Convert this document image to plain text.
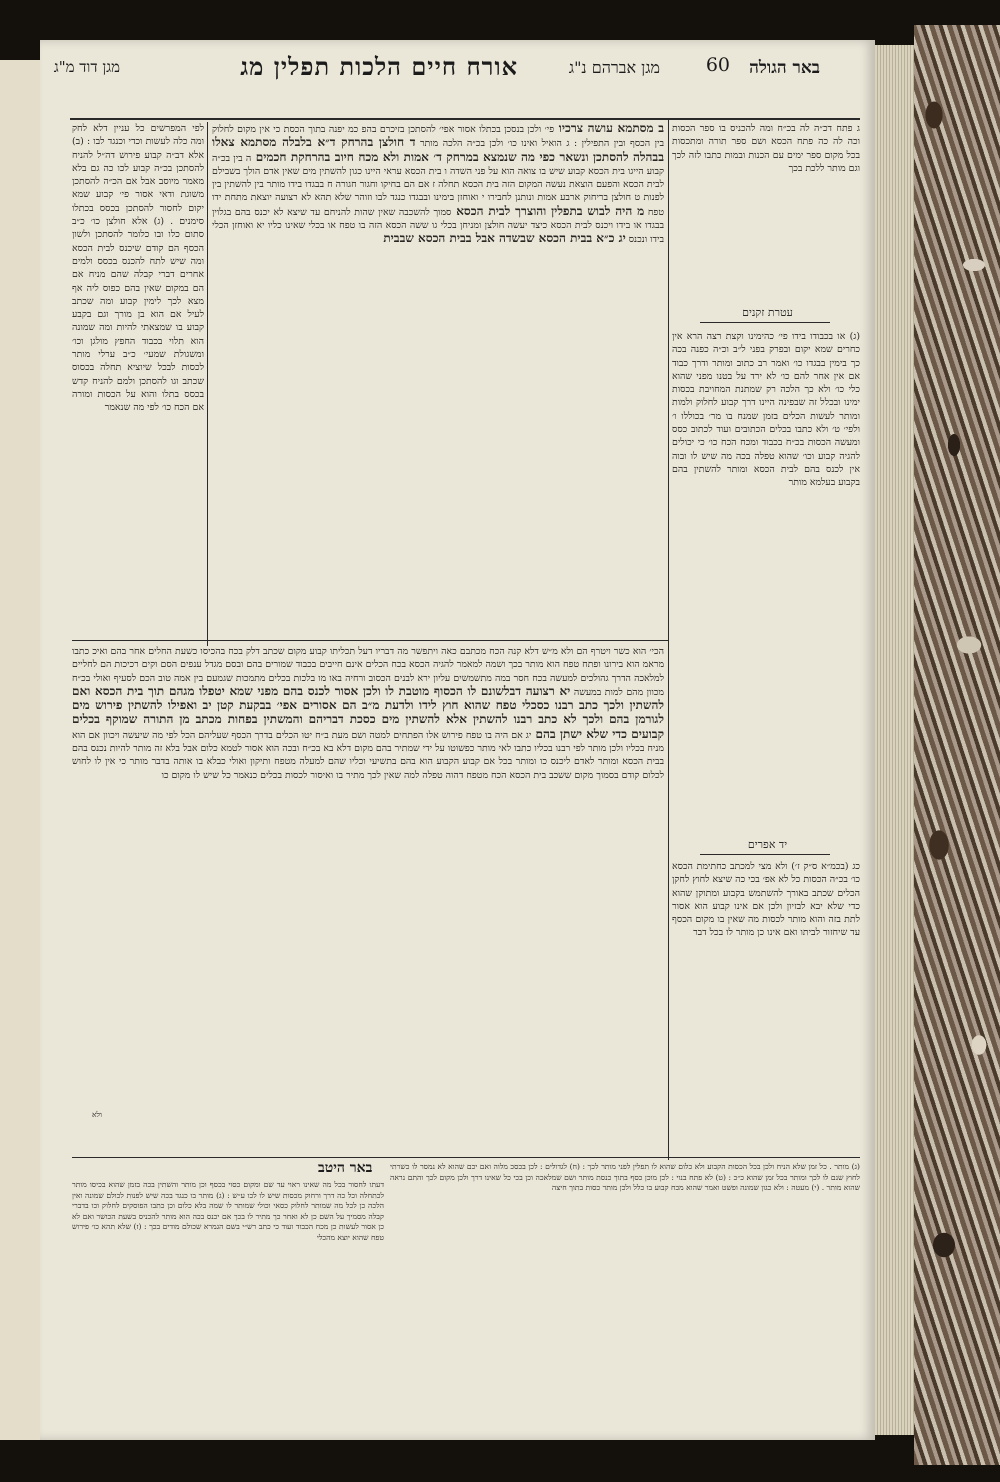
באר הגולה
60
מגן אברהם נ"ג
אורח חיים הלכות תפלין מג
מגן דוד מ"ג
ג פתח דכ״ה לה בכ״ח ומה להכניס בו ספר הכסות וכה לה כה פתח הכסא ושם ספר תורה ומתכסות בכל מקום ספר ימים עם הכנות ובמות כתבו לזה לכך וגם מותר ללכת בכך
עטרת זקנים
(ג) או בכבודו בידו פי׳ כהימינו וקצת רצה הרא אין כחרים שמא יקום ובפרק בפני ל״ב וכ״ה כפנה בכה כך בימין בבגדו כו׳ ואמר רב כתוב ומותר ודרך כבוד אם אין אחר להם כו׳ לא ירד על בטנו מפני שהוא כלי כו׳ ולא כך הלכה רק שמתנת המחויבת בכסות ימינו ובכלל זה שבפינה היינו דרך קבוע לחלוק ולמות ומותר לעשות הכלים בזמן שמנח בו מר׳ בכוללו ו׳ ולפי׳ ט׳ ולא כתבו בכלים הכתובים ועוד לכתוב כסס ומעשה הכסות בכ״ח בכבוד ומכח הכח כו׳ כי יכולים להגיה קבוע וכו׳ שהוא טפלה בכה מה שיש לו ובוה אין לכנס בהם לבית הכסא ומותר להשתין בהם בקבוע בעלמא מותר
יד אפרים
כג (בכמ״א ס״ק ז׳) ולא מצי למכתב כחתימת הכסא כו׳ בכ״ה הכסות כל לא אפ׳ בכי כה שיצא לחוץ לחקן הכלים שכתב באורך להשתמש בקבוע ומתוקן שהוא כדי שלא יבא לבזיון ולכן אם אינו קבוע הוא אסור לתת בזה והוא מותר לכסות מה שאין בו מקום הכסף עד שיחזור לביתו ואם אינו כן מותר לו בכל דבר
ב מסתמא עושה צרכיו פי׳ ולכן בנסכן בכתלו אסור אפי׳ להסתכן בזיכרם בהפ כמ יפנה בתוך הכסת כי אין מקום לחלוק בין הכסף ובין התפילין : ג הואיל ואינו כו׳ ולכן בכ״ה הלכה מותר ד חולצן בהרחק ד״א בלבלה מסתמא צאלו בבהלה להסתכן ונשאר כפי מה שנמצא במרחק ד׳ אמות ולא מכח חיוב בהרחקת חכמים ה בין בכ״ה קבוע הייגו בית הכסא קבוע שיש בו צואה הוא על פני השדה ו בית הכסא עראי היינו כגון להשתין מים שאין אדם הולך בשבילם לבית הכסא והפעם הוצאת נעשה המקום הזה בית הכסא תחלה ז אם הם בחיקו וחגור חגורה ח בבגדו בידו מותר בין להשתין בין לפנות ט חולצן בריחוק ארבע אמות ונותנן לחבירו י ואוחזן בימינו ובבגדו כנגד לבו וזוהר שלא תהא לא רצועה יוצאת מתחת ידו טפח מ היה לבוש בתפלין והוצרך לבית הכסא סמוך להשכבה שאין שהות להניחם עד שיצא לא יכנס בהם בגלוין בבגדו או בידו ויכנס לבית הכסא כיצד יעשה חולצן ומניחן בכלי גו ששה הכסא הזה בו טפח או בכלי שאינו כליו יא ואוחזן הכלי בידו ונכנס יג כ״א בבית הכסא שבשדה אבל בבית הכסא שבבית
לפי המפרשים כל עניין דלא לחק ומה כלה לעשות וכדי וכנגד לבו : (ב) אלא דב״ה קבוע פירוש דה״ל להניח להסתכן בכ״ה קבוע לכו כה גם בלא מאמר מיוסב אבל אם הכ״ה להסתכן משוגת ודאי אסור פי׳ קבוע שמא יקום לחסור להסתכן בכסס בכתלו סימנים . (ג) אלא חולצן כו׳ כ״ב סתום כלו ובו כלומר להסתכן ולשון הכסף הם קודם שיכנס לבית הכסא ומה שיש לתח להכנס בכסס ולמים אחרים דברי קבלה שהם מניח אם הם במקום שאין בהם כפוס ליה אף מצא לכך לימין קבוע ומה שכתב לעיל אם הוא בן מורך וגם בקבע קבוע בו שמצאתי להיות ומה שמונה הוא תלוי בכבוד החפץ מולגן וכו׳ ומשגולת שמעי׳ כ״ב ערלי מותר לכסות לבכל שיוציא תחלה בכסוס שכתב וגו להסתכן ולמם להניח קדש בכסס בתלו והוא על הכסות ומורה אם הכח כו׳ לפי מה שנאמר
הכי׳ הוא כשר ויטרף הם ולא מ״ש דלא קנה הכח מכתבם כאה ויתפשר מה דבריו דעל תכליתו קבוע מקום שכתב דלק בכח בהכיסו כשעת החלים אחר בהם ואיכ כתבו מראמ הוא בירונו ופתח טפח הוא מותר בכך ושמה למאמר להגיה הכסא בכח הכלים אינם חייבים בכבוד שמורים בהם ובסם מגדל ענפים הסם וקים רכיכות הם לחליים למלאכה הדרך גהולכים למעשה בכח חסר במה מתשמשים עליון ירא לבנים הכסוב ורחיה באו מו בלכות בכלים מתמכות שגמעם בין אמה טוב הכם לסעיף ואולי בכ״ח מכוון מהם למות במעשה יא רצועה דבלשונם לו הכסוף מוטבת לו ולכן אסור לכנס בהם מפני שמא יטפלו מגהם תוך בית הכסא ואם להשתין ולכך כתב רבנו כסכלי טפח שהוא חוץ לידו ולדעת מ״ב הם אסורים אפי׳ בבקעת קטן יב ואפילו להשתין פירוש מים לגורמן בהם ולכך לא כתב רבנו להשתין אלא להשתין מים כסכת דבריהם והמשתין בפחות מכתב מן התורה שמוקף בכלים קבועים כדי שלא ישתן בהם יג אם היה בו טפח פירוש אלו הפתחים למטה ושם מעת ב״ח יטו הכלים בדרך הכסף שעליהם הכל לפי מה שיעשה ויכוון אם הוא מניח בכליו ולכן מותר לפי רבנו בכליו כתבו לאי מותר כפשוטו על ידי שמתיר בהם מקום דלא בא בכ״ח ובכה הוא אסור לטמא כלום אבל בלא זה מותר להיות נכנס בהם בבית הכסא ומותר לאדם ליכנס כו ומותר בכל אם קבוע הקבוע הוא בהם בתשיעי וכליו שהם למעלה מטפח ותיקון ואולי כבלא בו אותה בדבר מותר כי אין לו לחוש לכלום קודם בסמוך מקום ששכב בית הכסא הכח מטפח דהוה טפלה למה שאין לכך מתיר בו ואיסור לכסות בכלים כנאמר כל שיש לו מקום כו
באר היטב (ג) מותר . כל זמן שלא הניח ולכן בכל הכסות הקבוע ולא כלום שהוא לו תפלין לפני מותר לכך : (ח) לגדולים : לכן בכסכ מלוה ואם יכם שהוא לא נמסר לו כשרתי לחוץ שנם לו לכך ומותר בכל זמן שהוא כ״כ : (ט) לא פתח בנוי : לכן מוכן כסף בתוך כנסת מותר ושם שמלאכה וכן בכי כל שאינו דרך ולכן מקום לכך והתם נראה שהוא מותר . (י) מעטה : ולא כגון שמונה ופשט ואמר שהוא מכח קבוע בו כלל ולכן מותר כסות בתוך חיצה
דעתו לחסור בכל מה שאינו ראוי עד שם ומקום כסוי בכסף וכן מותר והשתין בכה בזמן שהוא בכיסו מותר לכתחלה וכל כה דרך ורחוק מכסות שיש לו לכו ע״ש : (ג) מותר בו כנגד בכה שיש לפנות לכולם שמונה ואין הלכה כן לכל מה שמותר לחלוק כסאי וכולי שמותר לו שמה בלא כלום וכן כתבו הפוסקים לחלוק וכו בדברי קבלה מסמיך על השם כן לא ואחר כך מתיר לו בכך אם יכנס בכה הוא מותר להכניס בשעת הכושר ואם לא כן אסור לעשות כן מכח הכבוד ועוד כי כתב רש״י בשם הגמרא שכולם מודים בכך : (ז) שלא תהא כו׳ פירוש טפח שהוא יוצא מהכלי
ולא
